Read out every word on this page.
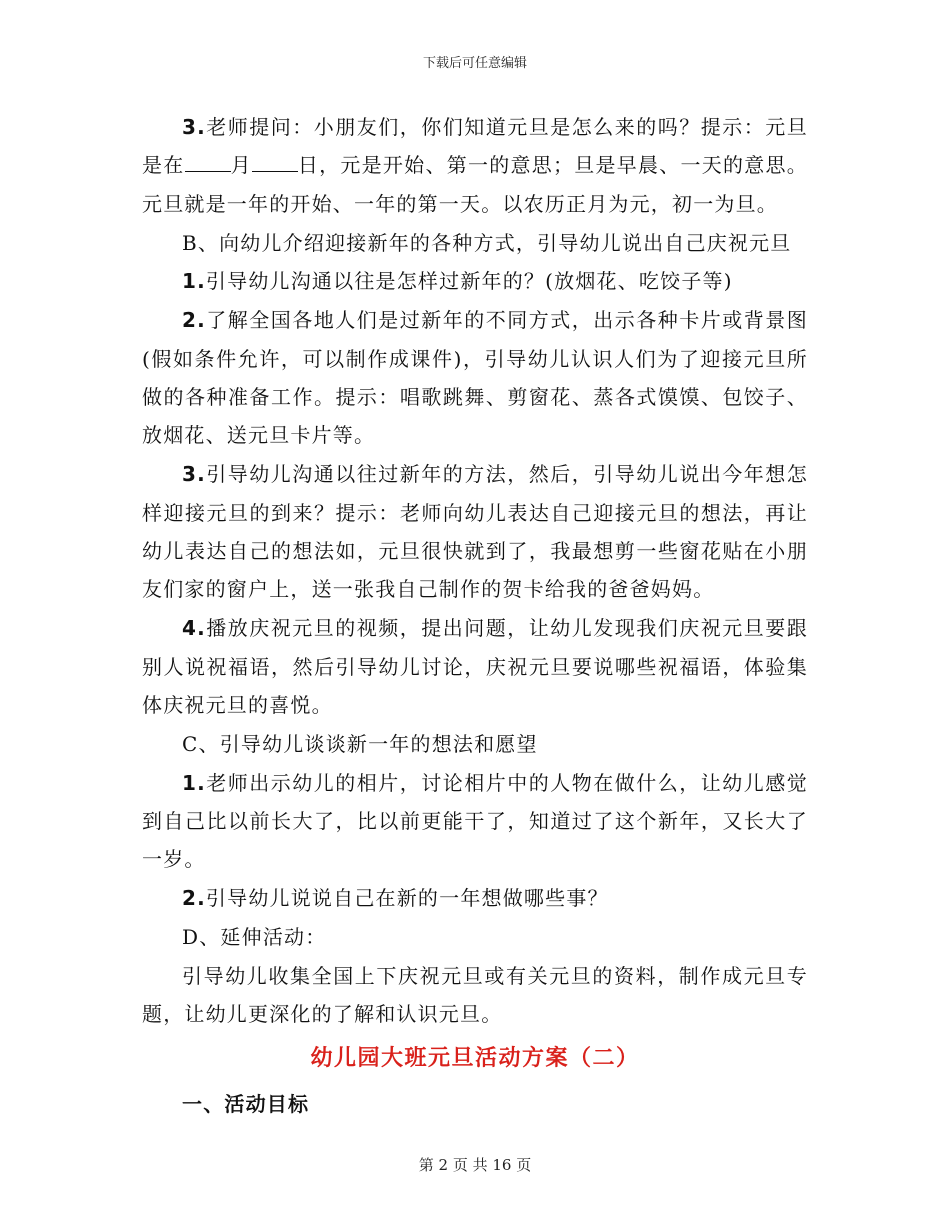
下载后可任意编辑

3.老师提问：小朋友们，你们知道元旦是怎么来的吗？提示：元旦是在 月 日，元是开始、第一的意思；旦是早晨、一天的意思。元旦就是一年的开始、一年的第一天。以农历正月为元，初一为旦。

B、向幼儿介绍迎接新年的各种方式，引导幼儿说出自己庆祝元旦

1.引导幼儿沟通以往是怎样过新年的？(放烟花、吃饺子等)

2.了解全国各地人们是过新年的不同方式，出示各种卡片或背景图(假如条件允许，可以制作成课件)，引导幼儿认识人们为了迎接元旦所做的各种准备工作。提示：唱歌跳舞、剪窗花、蒸各式馍馍、包饺子、放烟花、送元旦卡片等。

3.引导幼儿沟通以往过新年的方法，然后，引导幼儿说出今年想怎样迎接元旦的到来？提示：老师向幼儿表达自己迎接元旦的想法，再让幼儿表达自己的想法如，元旦很快就到了，我最想剪一些窗花贴在小朋友们家的窗户上，送一张我自己制作的贺卡给我的爸爸妈妈。

4.播放庆祝元旦的视频，提出问题，让幼儿发现我们庆祝元旦要跟别人说祝福语，然后引导幼儿讨论，庆祝元旦要说哪些祝福语，体验集体庆祝元旦的喜悦。

C、引导幼儿谈谈新一年的想法和愿望

1.老师出示幼儿的相片，讨论相片中的人物在做什么，让幼儿感觉到自己比以前长大了，比以前更能干了，知道过了这个新年，又长大了一岁。

2.引导幼儿说说自己在新的一年想做哪些事？

D、延伸活动：

引导幼儿收集全国上下庆祝元旦或有关元旦的资料，制作成元旦专题，让幼儿更深化的了解和认识元旦。

幼儿园大班元旦活动方案（二）
一、活动目标
第 2 页 共 16 页
